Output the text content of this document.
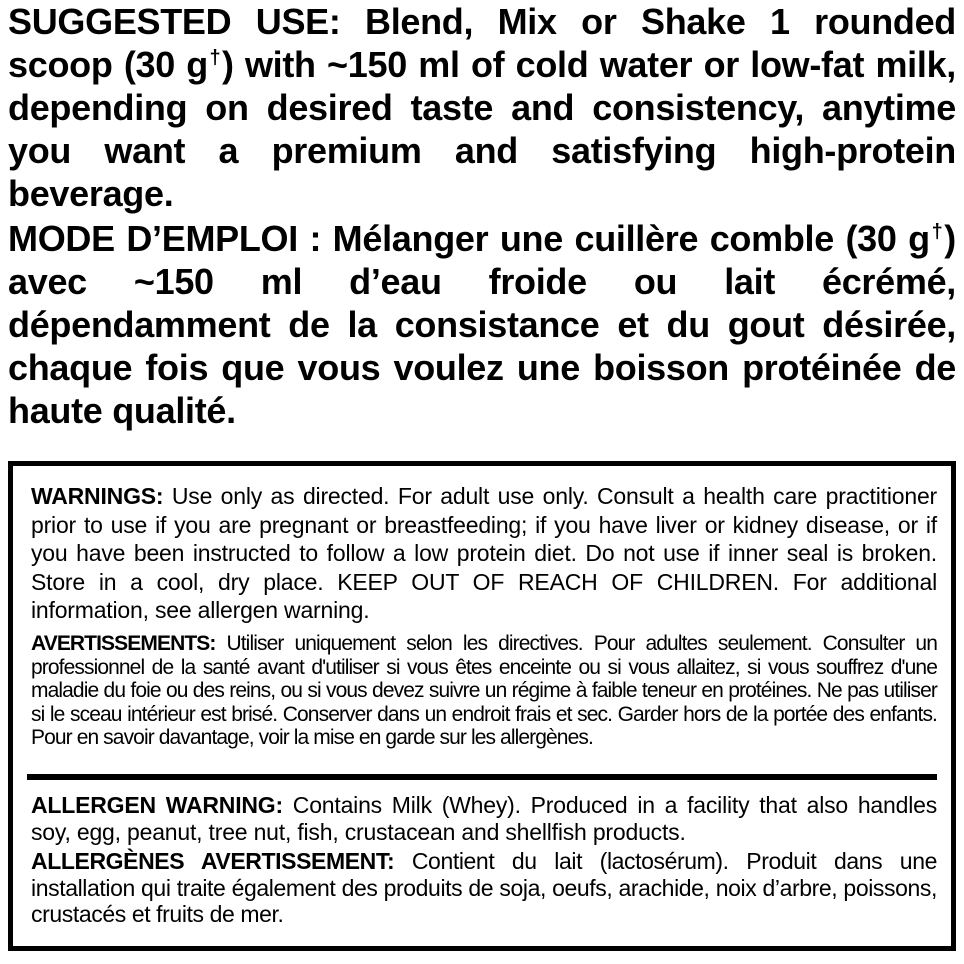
SUGGESTED USE: Blend, Mix or Shake 1 rounded scoop (30 g†) with ~150 ml of cold water or low-fat milk, depending on desired taste and consistency, anytime you want a premium and satisfying high-protein beverage.

MODE D’EMPLOI : Mélanger une cuillère comble (30 g†) avec ~150 ml d’eau froide ou lait écrémé, dépendamment de la consistance et du gout désirée, chaque fois que vous voulez une boisson protéinée de haute qualité.

WARNINGS: Use only as directed. For adult use only. Consult a health care practitioner prior to use if you are pregnant or breastfeeding; if you have liver or kidney disease, or if you have been instructed to follow a low protein diet. Do not use if inner seal is broken. Store in a cool, dry place. KEEP OUT OF REACH OF CHILDREN. For additional information, see allergen warning.

AVERTISSEMENTS: Utiliser uniquement selon les directives. Pour adultes seulement. Consulter un professionnel de la santé avant d'utiliser si vous êtes enceinte ou si vous allaitez, si vous souffrez d'une maladie du foie ou des reins, ou si vous devez suivre un régime à faible teneur en protéines. Ne pas utiliser si le sceau intérieur est brisé. Conserver dans un endroit frais et sec. Garder hors de la portée des enfants. Pour en savoir davantage, voir la mise en garde sur les allergènes.

ALLERGEN WARNING: Contains Milk (Whey). Produced in a facility that also handles soy, egg, peanut, tree nut, fish, crustacean and shellfish products.

ALLERGÈNES AVERTISSEMENT: Contient du lait (lactosérum). Produit dans une installation qui traite également des produits de soja, oeufs, arachide, noix d’arbre, poissons, crustacés et fruits de mer.
